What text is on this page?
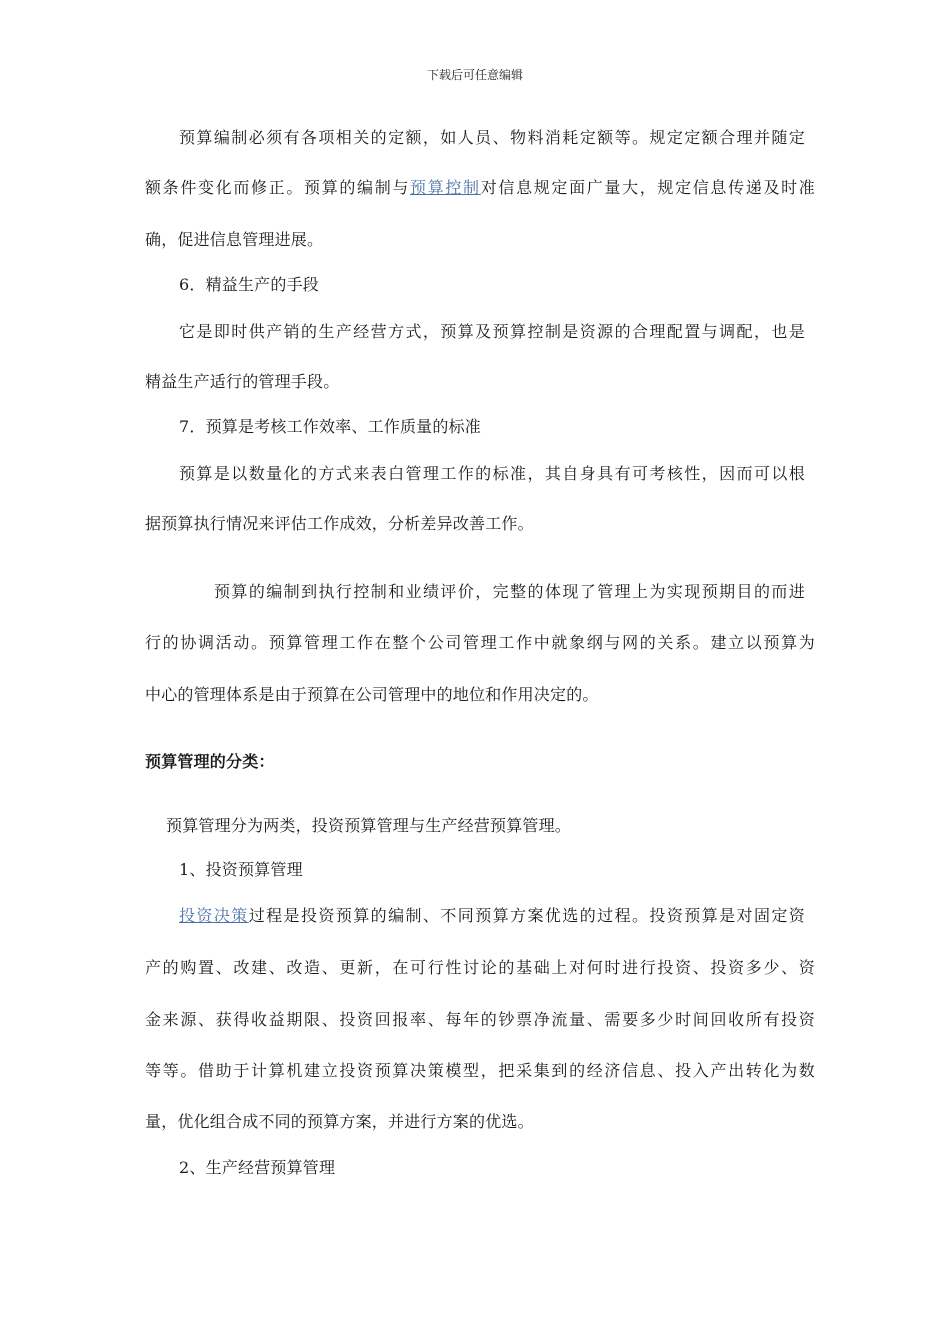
下载后可任意编辑
预算编制必须有各项相关的定额，如人员、物料消耗定额等。规定定额合理并随定
额条件变化而修正。预算的编制与预算控制对信息规定面广量大，规定信息传递及时准
确，促进信息管理进展。
6．精益生产的手段
它是即时供产销的生产经营方式，预算及预算控制是资源的合理配置与调配，也是
精益生产适行的管理手段。
7．预算是考核工作效率、工作质量的标准
预算是以数量化的方式来表白管理工作的标准，其自身具有可考核性，因而可以根
据预算执行情况来评估工作成效，分析差异改善工作。
预算的编制到执行控制和业绩评价，完整的体现了管理上为实现预期目的而进
行的协调活动。预算管理工作在整个公司管理工作中就象纲与网的关系。建立以预算为
中心的管理体系是由于预算在公司管理中的地位和作用决定的。
预算管理的分类：
预算管理分为两类，投资预算管理与生产经营预算管理。
1、投资预算管理
投资决策过程是投资预算的编制、不同预算方案优选的过程。投资预算是对固定资
产的购置、改建、改造、更新，在可行性讨论的基础上对何时进行投资、投资多少、资
金来源、获得收益期限、投资回报率、每年的钞票净流量、需要多少时间回收所有投资
等等。借助于计算机建立投资预算决策模型，把采集到的经济信息、投入产出转化为数
量，优化组合成不同的预算方案，并进行方案的优选。
2、生产经营预算管理
